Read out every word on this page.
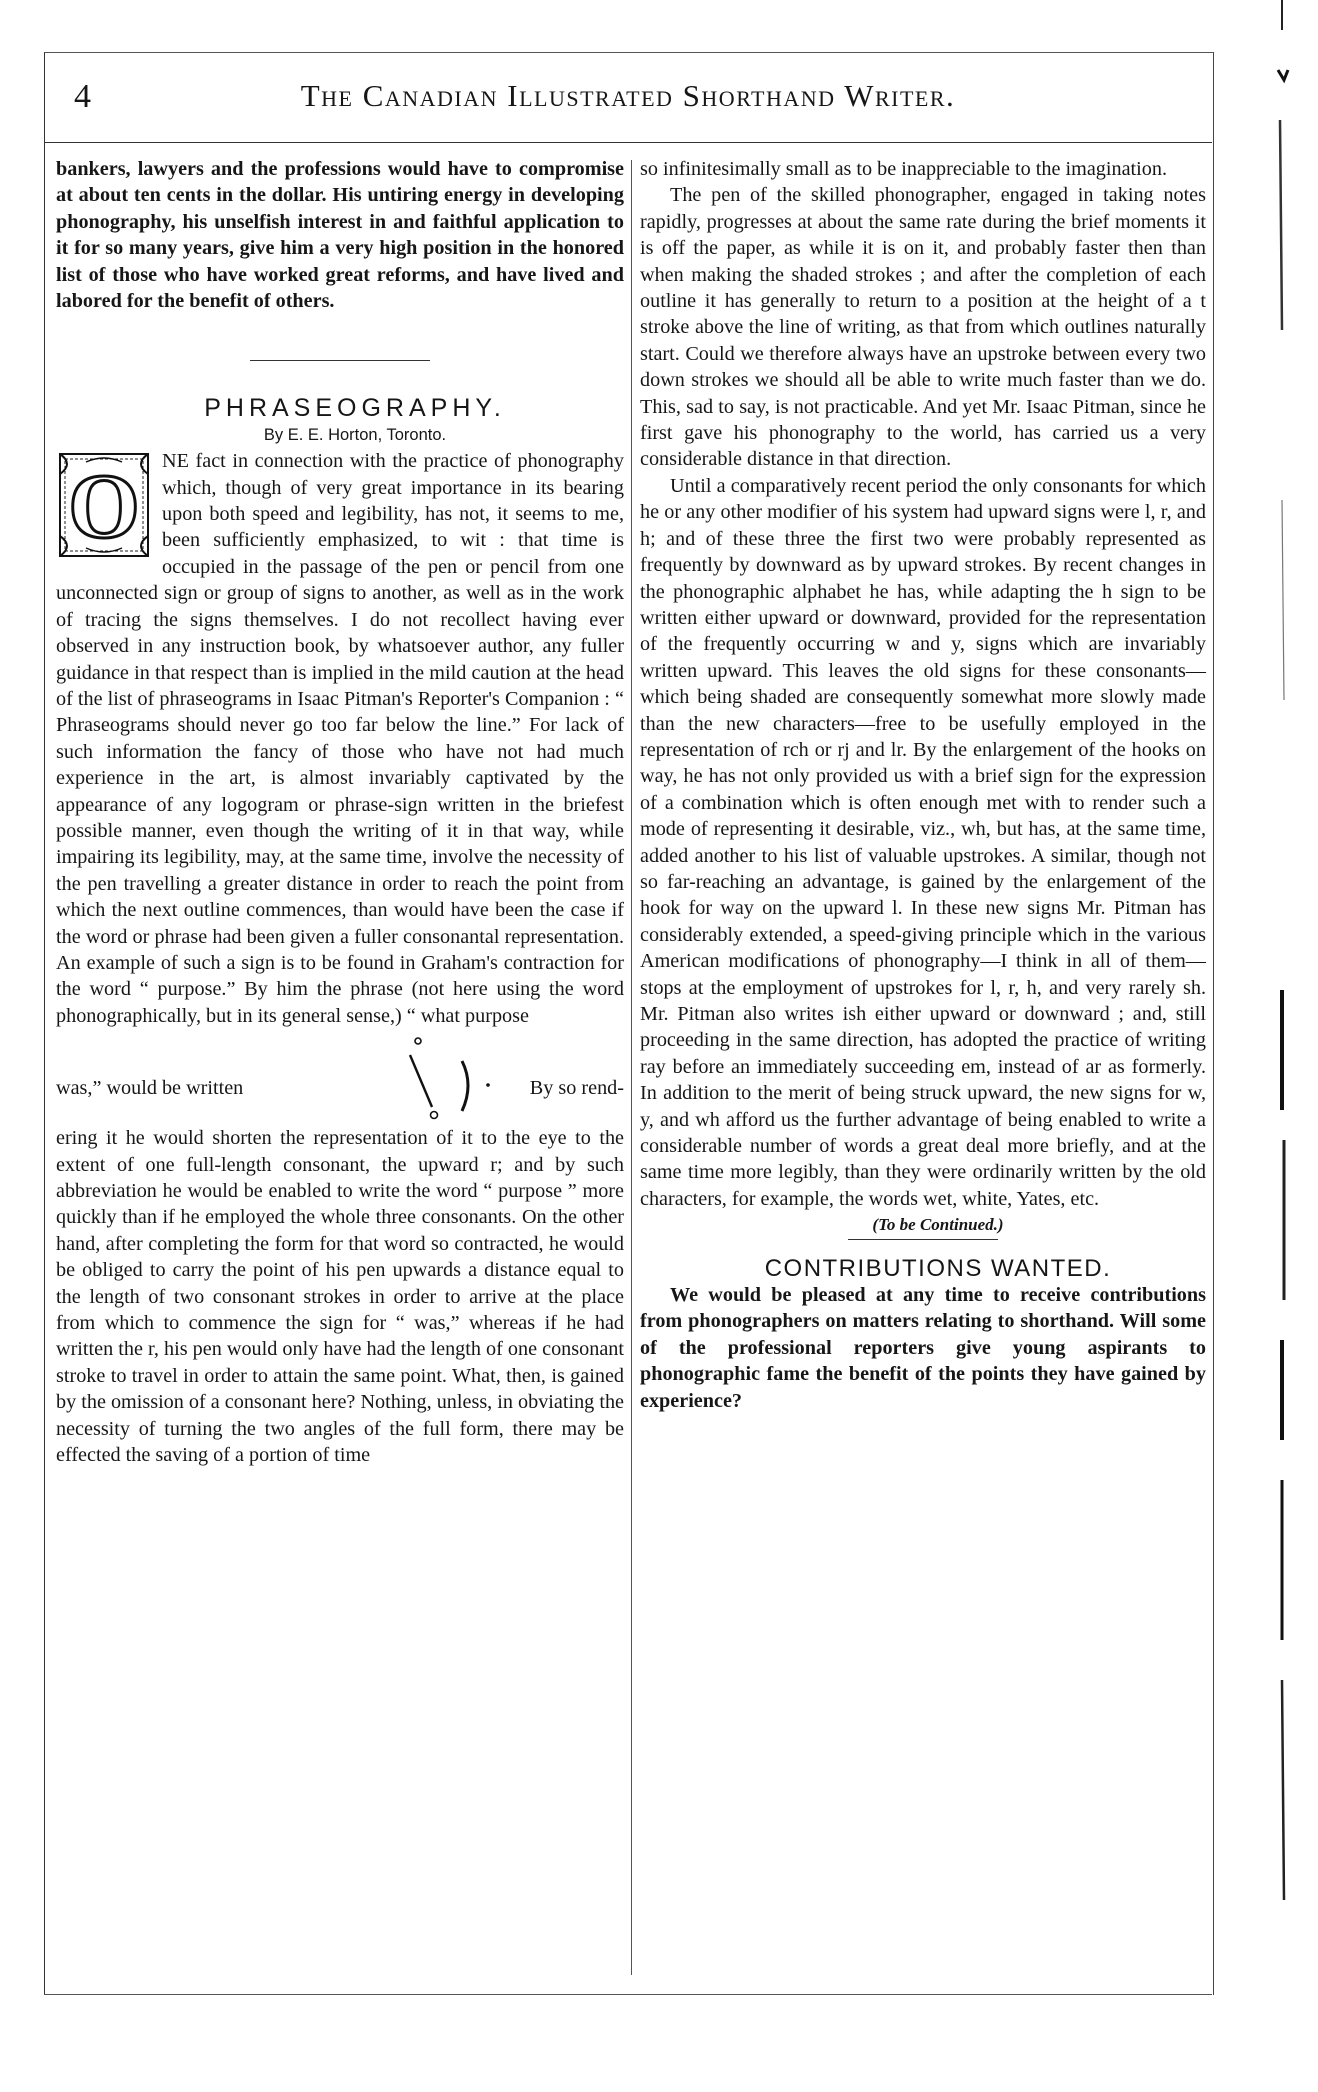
4	The Canadian Illustrated Shorthand Writer.

bankers, lawyers and the professions would have to compromise at about ten cents in the dollar. His untiring energy in developing phonography, his unselfish interest in and faithful application to it for so many years, give him a very high position in the honored list of those who have worked great reforms, and have lived and labored for the benefit of others.

PHRASEOGRAPHY.

By E. E. Horton, Toronto.

O	NE fact in connection with the practice of phonography which, though of very great importance in its bearing upon both speed and legibility, has not, it seems to me, been sufficiently emphasized, to wit : that time is occupied in the passage of the pen or pencil from one unconnected sign or group of signs to another, as well as in the work of tracing the signs themselves. I do not recollect having ever observed in any instruction book, by whatsoever author, any fuller guidance in that respect than is implied in the mild caution at the head of the list of phraseograms in Isaac Pitman's Reporter's Companion : “ Phraseograms should never go too far below the line.” For lack of such information the fancy of those who have not had much experience in the art, is almost invariably captivated by the appearance of any logogram or phrase-sign written in the briefest possible manner, even though the writing of it in that way, while impairing its legibility, may, at the same time, involve the necessity of the pen travelling a greater distance in order to reach the point from which the next outline commences, than would have been the case if the word or phrase had been given a fuller consonantal representation. An example of such a sign is to be found in Graham's contraction for the word “ purpose.” By him the phrase (not here using the word phonographically, but in its general sense,) “ what purpose

was,” would be written	By so rend-

ering it he would shorten the representation of it to the eye to the extent of one full-length consonant, the upward r; and by such abbreviation he would be enabled to write the word “ purpose ” more quickly than if he employed the whole three consonants. On the other hand, after completing the form for that word so contracted, he would be obliged to carry the point of his pen upwards a distance equal to the length of two consonant strokes in order to arrive at the place from which to commence the sign for “ was,” whereas if he had written the r, his pen would only have had the length of one consonant stroke to travel in order to attain the same point. What, then, is gained by the omission of a consonant here? Nothing, unless, in obviating the necessity of turning the two angles of the full form, there may be effected the saving of a portion of time

so infinitesimally small as to be inappreciable to the imagination.

The pen of the skilled phonographer, engaged in taking notes rapidly, progresses at about the same rate during the brief moments it is off the paper, as while it is on it, and probably faster then than when making the shaded strokes ; and after the completion of each outline it has generally to return to a position at the height of a t stroke above the line of writing, as that from which outlines naturally start. Could we therefore always have an upstroke between every two down strokes we should all be able to write much faster than we do. This, sad to say, is not practicable. And yet Mr. Isaac Pitman, since he first gave his phonography to the world, has carried us a very considerable distance in that direction.

Until a comparatively recent period the only consonants for which he or any other modifier of his system had upward signs were l, r, and h; and of these three the first two were probably represented as frequently by downward as by upward strokes. By recent changes in the phonographic alphabet he has, while adapting the h sign to be written either upward or downward, provided for the representation of the frequently occurring w and y, signs which are invariably written upward. This leaves the old signs for these consonants—which being shaded are consequently somewhat more slowly made than the new characters—free to be usefully employed in the representation of rch or rj and lr. By the enlargement of the hooks on way, he has not only provided us with a brief sign for the expression of a combination which is often enough met with to render such a mode of representing it desirable, viz., wh, but has, at the same time, added another to his list of valuable upstrokes. A similar, though not so far-reaching an advantage, is gained by the enlargement of the hook for way on the upward l. In these new signs Mr. Pitman has considerably extended, a speed-giving principle which in the various American modifications of phonography—I think in all of them—stops at the employment of upstrokes for l, r, h, and very rarely sh. Mr. Pitman also writes ish either upward or downward ; and, still proceeding in the same direction, has adopted the practice of writing ray before an immediately succeeding em, instead of ar as formerly. In addition to the merit of being struck upward, the new signs for w, y, and wh afford us the further advantage of being enabled to write a considerable number of words a great deal more briefly, and at the same time more legibly, than they were ordinarily written by the old characters, for example, the words wet, white, Yates, etc.

(To be Continued.)

CONTRIBUTIONS WANTED.

We would be pleased at any time to receive contributions from phonographers on matters relating to shorthand. Will some of the professional reporters give young aspirants to phonographic fame the benefit of the points they have gained by experience?
